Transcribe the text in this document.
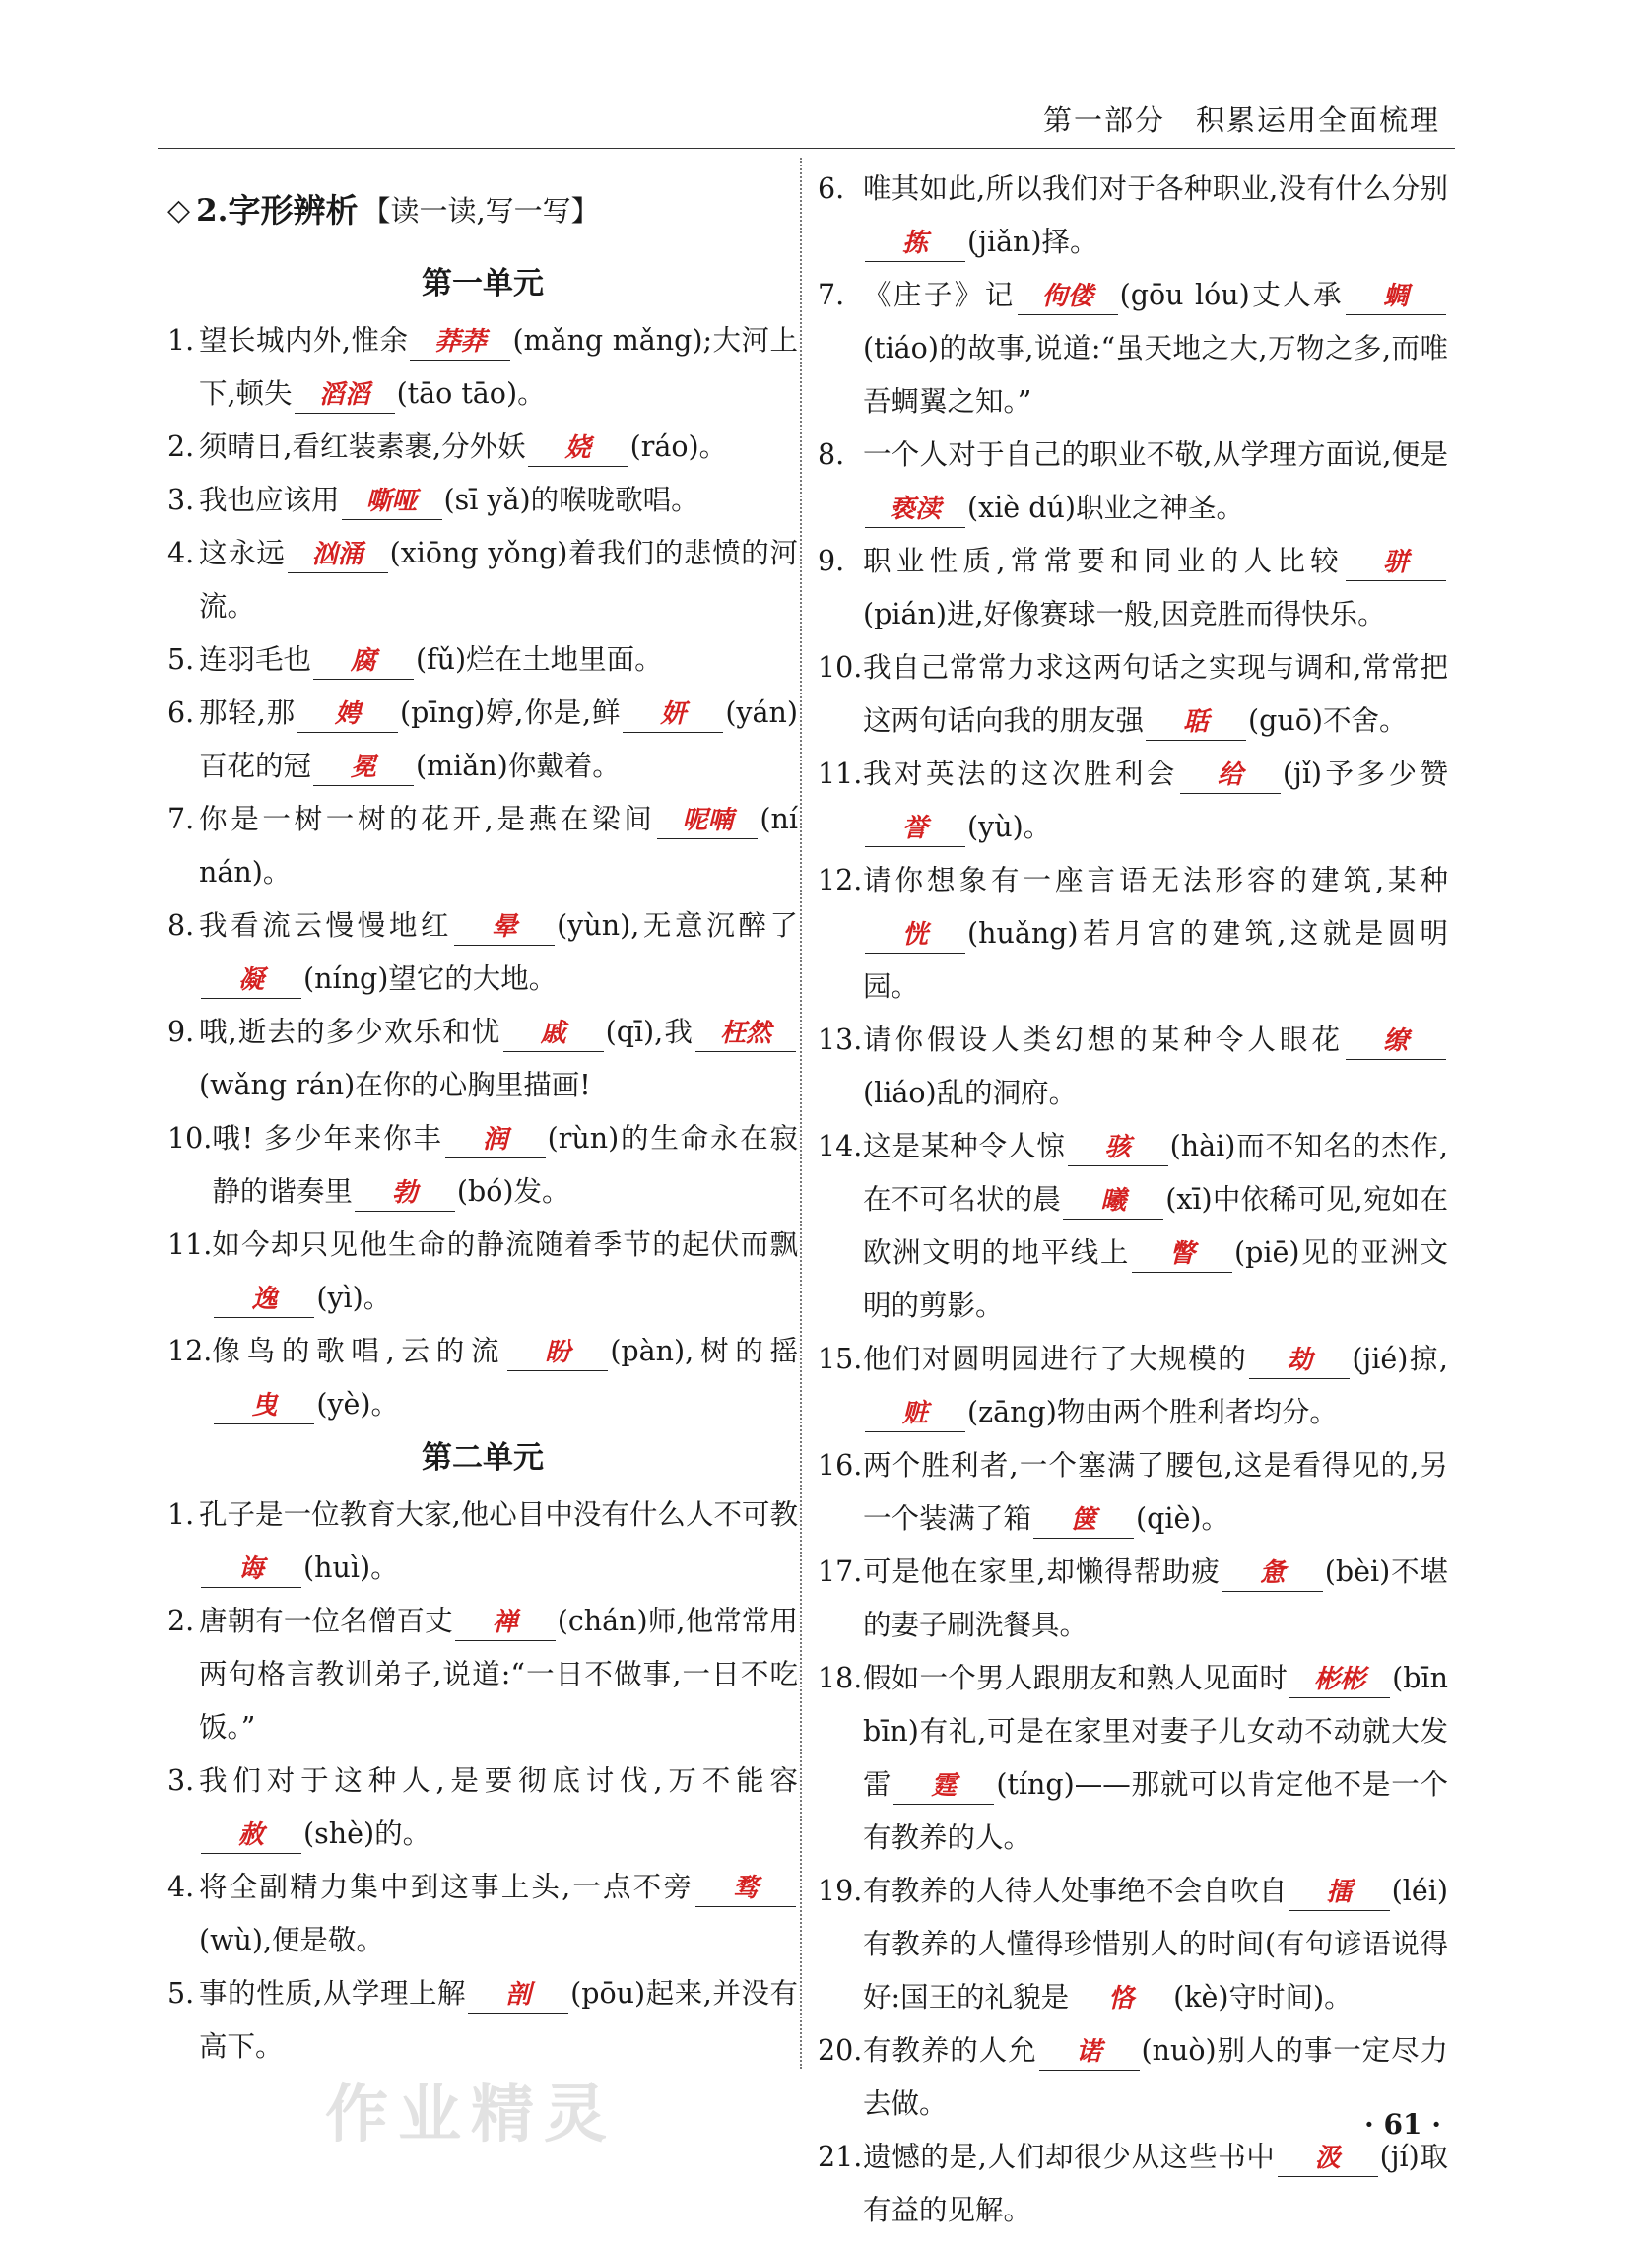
第一部分　积累运用全面梳理
◇ 2. 字形辨析 【读一读,写一写】
第一单元
1. 望长城内外,惟余 莽莽 (mǎng mǎng);大河上下,顿失 滔滔 (tāo tāo)。
2. 须晴日,看红装素裹,分外妖 娆 (ráo)。
3. 我也应该用 嘶哑 (sī yǎ)的喉咙歌唱。
4. 这永远 汹涌 (xiōng yǒng)着我们的悲愤的河流。
5. 连羽毛也 腐 (fǔ)烂在土地里面。
6. 那轻,那 娉 (pīng)婷,你是,鲜 妍 (yán)百花的冠 冕 (miǎn)你戴着。
7. 你是一树一树的花开,是燕在梁间 呢喃 (ní nán)。
8. 我看流云慢慢地红 晕 (yùn),无意沉醉了凝 (níng)望它的大地。
9. 哦,逝去的多少欢乐和忧 戚 (qī),我 枉然(wǎng rán)在你的心胸里描画!
10. 哦! 多少年来你丰 润 (rùn)的生命永在寂静的谐奏里 勃 (bó)发。
11. 如今却只见他生命的静流随着季节的起伏而飘逸 (yì)。
12. 像鸟的歌唱,云的流 盼 (pàn),树的摇曳 (yè)。
第二单元
1. 孔子是一位教育大家,他心目中没有什么人不可教诲 (huì)。
2. 唐朝有一位名僧百丈 禅 (chán)师,他常常用两句格言教训弟子,说道:“一日不做事,一日不吃饭。”
3. 我们对于这种人,是要彻底讨伐,万不能容赦 (shè)的。
4. 将全副精力集中到这事上头,一点不旁 骛(wù),便是敬。
5. 事的性质,从学理上解 剖 (pōu)起来,并没有高下。
6. 唯其如此,所以我们对于各种职业,没有什么分别拣 (jiǎn)择。
7. 《庄子》记 佝偻 (gōu lóu)丈人承 蜩(tiáo)的故事,说道:“虽天地之大,万物之多,而唯吾蜩翼之知。”
8. 一个人对于自己的职业不敬,从学理方面说,便是亵渎 (xiè dú)职业之神圣。
9. 职业性质,常常要和同业的人比较 骈(pián)进,好像赛球一般,因竞胜而得快乐。
10. 我自己常常力求这两句话之实现与调和,常常把这两句话向我的朋友强 聒 (guō)不舍。
11. 我对英法的这次胜利会 给 (jǐ)予多少赞誉 (yù)。
12. 请你想象有一座言语无法形容的建筑,某种恍 (huǎng)若月宫的建筑,这就是圆明园。
13. 请你假设人类幻想的某种令人眼花 缭(liáo)乱的洞府。
14. 这是某种令人惊 骇 (hài)而不知名的杰作,在不可名状的晨 曦 (xī)中依稀可见,宛如在欧洲文明的地平线上 瞥 (piē)见的亚洲文明的剪影。
15. 他们对圆明园进行了大规模的 劫 (jié)掠,赃 (zāng)物由两个胜利者均分。
16. 两个胜利者,一个塞满了腰包,这是看得见的,另一个装满了箱 箧 (qiè)。
17. 可是他在家里,却懒得帮助疲 惫 (bèi)不堪的妻子刷洗餐具。
18. 假如一个男人跟朋友和熟人见面时 彬彬 (bīn bīn)有礼,可是在家里对妻子儿女动不动就大发雷 霆 (tíng)——那就可以肯定他不是一个有教养的人。
19. 有教养的人待人处事绝不会自吹自 擂 (léi)有教养的人懂得珍惜别人的时间(有句谚语说得好:国王的礼貌是 恪 (kè)守时间)。
20. 有教养的人允 诺 (nuò)别人的事一定尽力去做。
21. 遗憾的是,人们却很少从这些书中 汲 (jí)取有益的见解。
作业精灵	· 61 ·
